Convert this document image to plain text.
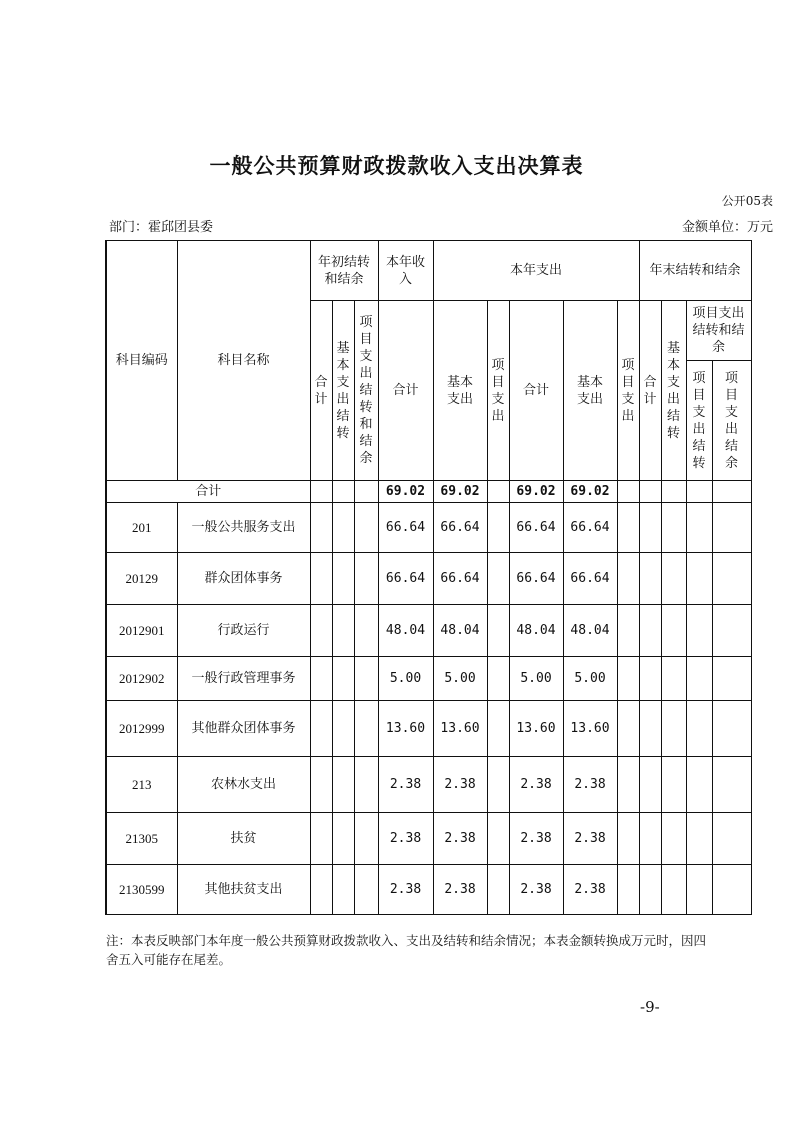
一般公共预算财政拨款收入支出决算表
公开05表
部门：霍邱团县委	金额单位：万元
科目编码	科目名称	年初结转和结余			本年收入	本年支出					年末结转和结余			
		合计	基本支出结转	项目支出结转和结余	合计	基本支出	项目支出	合计	基本支出	项目支出	合计	基本支出结转	项目支出结转和结余	
													项目支出结转	项目支出结余
合计					69.02	69.02		69.02	69.02					
201	一般公共服务支出				66.64	66.64		66.64	66.64					
20129	群众团体事务				66.64	66.64		66.64	66.64					
2012901	行政运行				48.04	48.04		48.04	48.04					
2012902	一般行政管理事务				5.00	5.00		5.00	5.00					
2012999	其他群众团体事务				13.60	13.60		13.60	13.60					
213	农林水支出				2.38	2.38		2.38	2.38					
21305	扶贫				2.38	2.38		2.38	2.38					
2130599	其他扶贫支出				2.38	2.38		2.38	2.38					
注：本表反映部门本年度一般公共预算财政拨款收入、支出及结转和结余情况；本表金额转换成万元时，因四舍五入可能存在尾差。
-9-
